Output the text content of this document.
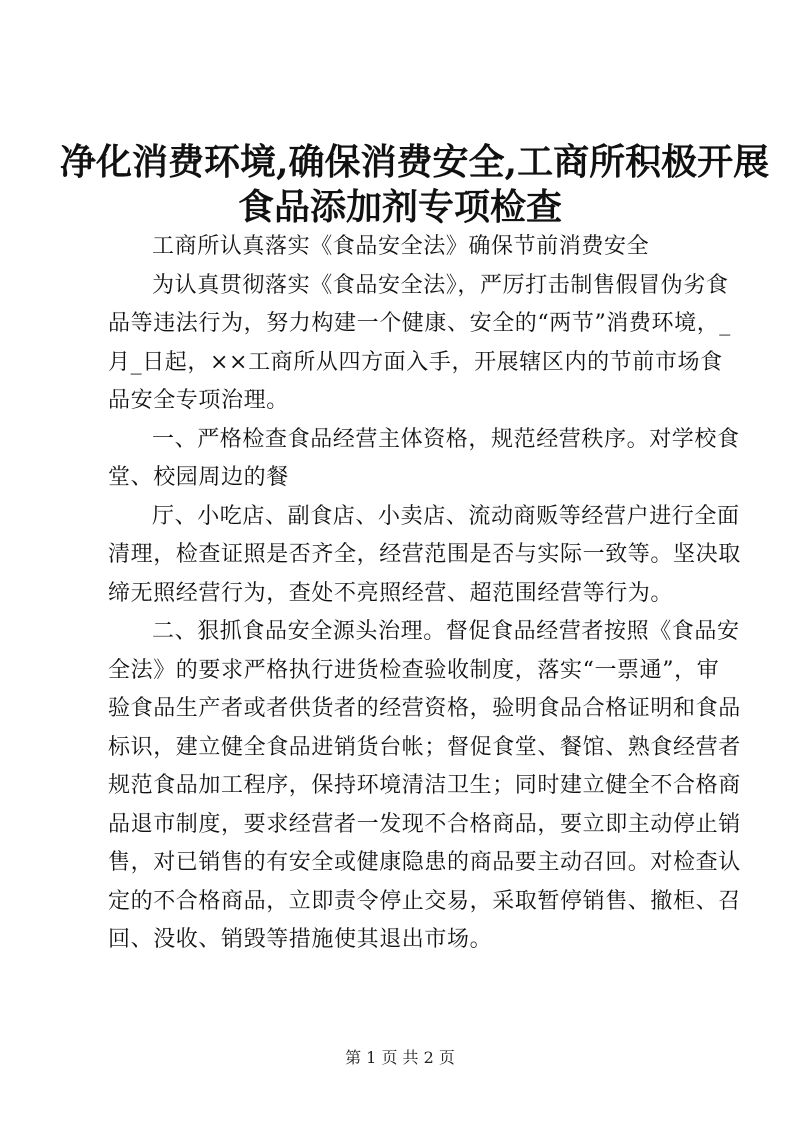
净化消费环境,确保消费安全,工商所积极开展
食品添加剂专项检查

工商所认真落实《食品安全法》确保节前消费安全

为认真贯彻落实《食品安全法》，严厉打击制售假冒伪劣食
品等违法行为，努力构建一个健康、安全的“两节”消费环境，_
月_日起，××工商所从四方面入手，开展辖区内的节前市场食
品安全专项治理。

一、严格检查食品经营主体资格，规范经营秩序。对学校食
堂、校园周边的餐

厅、小吃店、副食店、小卖店、流动商贩等经营户进行全面
清理，检查证照是否齐全，经营范围是否与实际一致等。坚决取
缔无照经营行为，查处不亮照经营、超范围经营等行为。

二、狠抓食品安全源头治理。督促食品经营者按照《食品安
全法》的要求严格执行进货检查验收制度，落实“一票通”，审
验食品生产者或者供货者的经营资格，验明食品合格证明和食品
标识，建立健全食品进销货台帐；督促食堂、餐馆、熟食经营者
规范食品加工程序，保持环境清洁卫生；同时建立健全不合格商
品退市制度，要求经营者一发现不合格商品，要立即主动停止销
售，对已销售的有安全或健康隐患的商品要主动召回。对检查认
定的不合格商品，立即责令停止交易，采取暂停销售、撤柜、召
回、没收、销毁等措施使其退出市场。

第 1 页 共 2 页
